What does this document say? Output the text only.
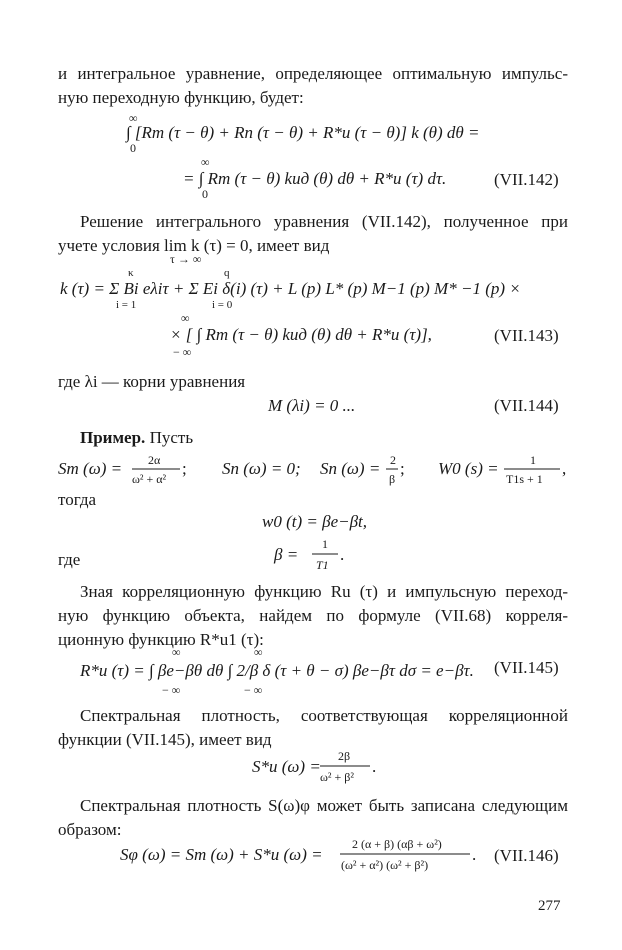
и интегральное уравнение, определяющее оптимальную импульс-
ную переходную функцию, будет:
∞
0
∫ [Rm (τ − θ) + Rn (τ − θ) + R*u (τ − θ)] k (θ) dθ =
∞
0
= ∫ Rm (τ − θ) kuд (θ) dθ + R*u (τ) dτ.	(VII.142)
Решение интегрального уравнения (VII.142), полученное при
учете условия lim k (τ) = 0, имеет вид
τ → ∞
κ
i = 1
q
i = 0
k (τ) = Σ Bi eλiτ + Σ Ei δ(i) (τ) + L (p) L* (p) M−1 (p) M* −1 (p) ×
∞
− ∞
× [ ∫ Rm (τ − θ) kuд (θ) dθ + R*u (τ)],	(VII.143)
где λi — корни уравнения
M (λi) = 0 ...	(VII.144)
Пример. Пусть
Sm (ω) = 2α
ω² + α²
; Sn (ω) = 0; Sn (ω) = 2
β
; W0 (s) =	1
T1s + 1
,
тогда
w0 (t) = βe−βt,
где	β =
1
T1
.
Зная корреляционную функцию Ru (τ) и импульсную переход-
ную функцию объекта, найдем по формуле (VII.68) корреля-
ционную функцию R*u1 (τ):
∞
− ∞
∞
− ∞
R*u (τ) = ∫ βe−βθ dθ ∫ 2/β δ (τ + θ − σ) βe−βτ dσ = e−βτ. (VII.145)
Спектральная плотность, соответствующая корреляционной
функции (VII.145), имеет вид
S*u (ω) =
2β
ω² + β²
.
Спектральная плотность S(ω)φ может быть записана следующим
образом:
Sφ (ω) = Sm (ω) + S*u (ω) =
2 (α + β) (αβ + ω²)
(ω² + α²) (ω² + β²)
. (VII.146)
277
